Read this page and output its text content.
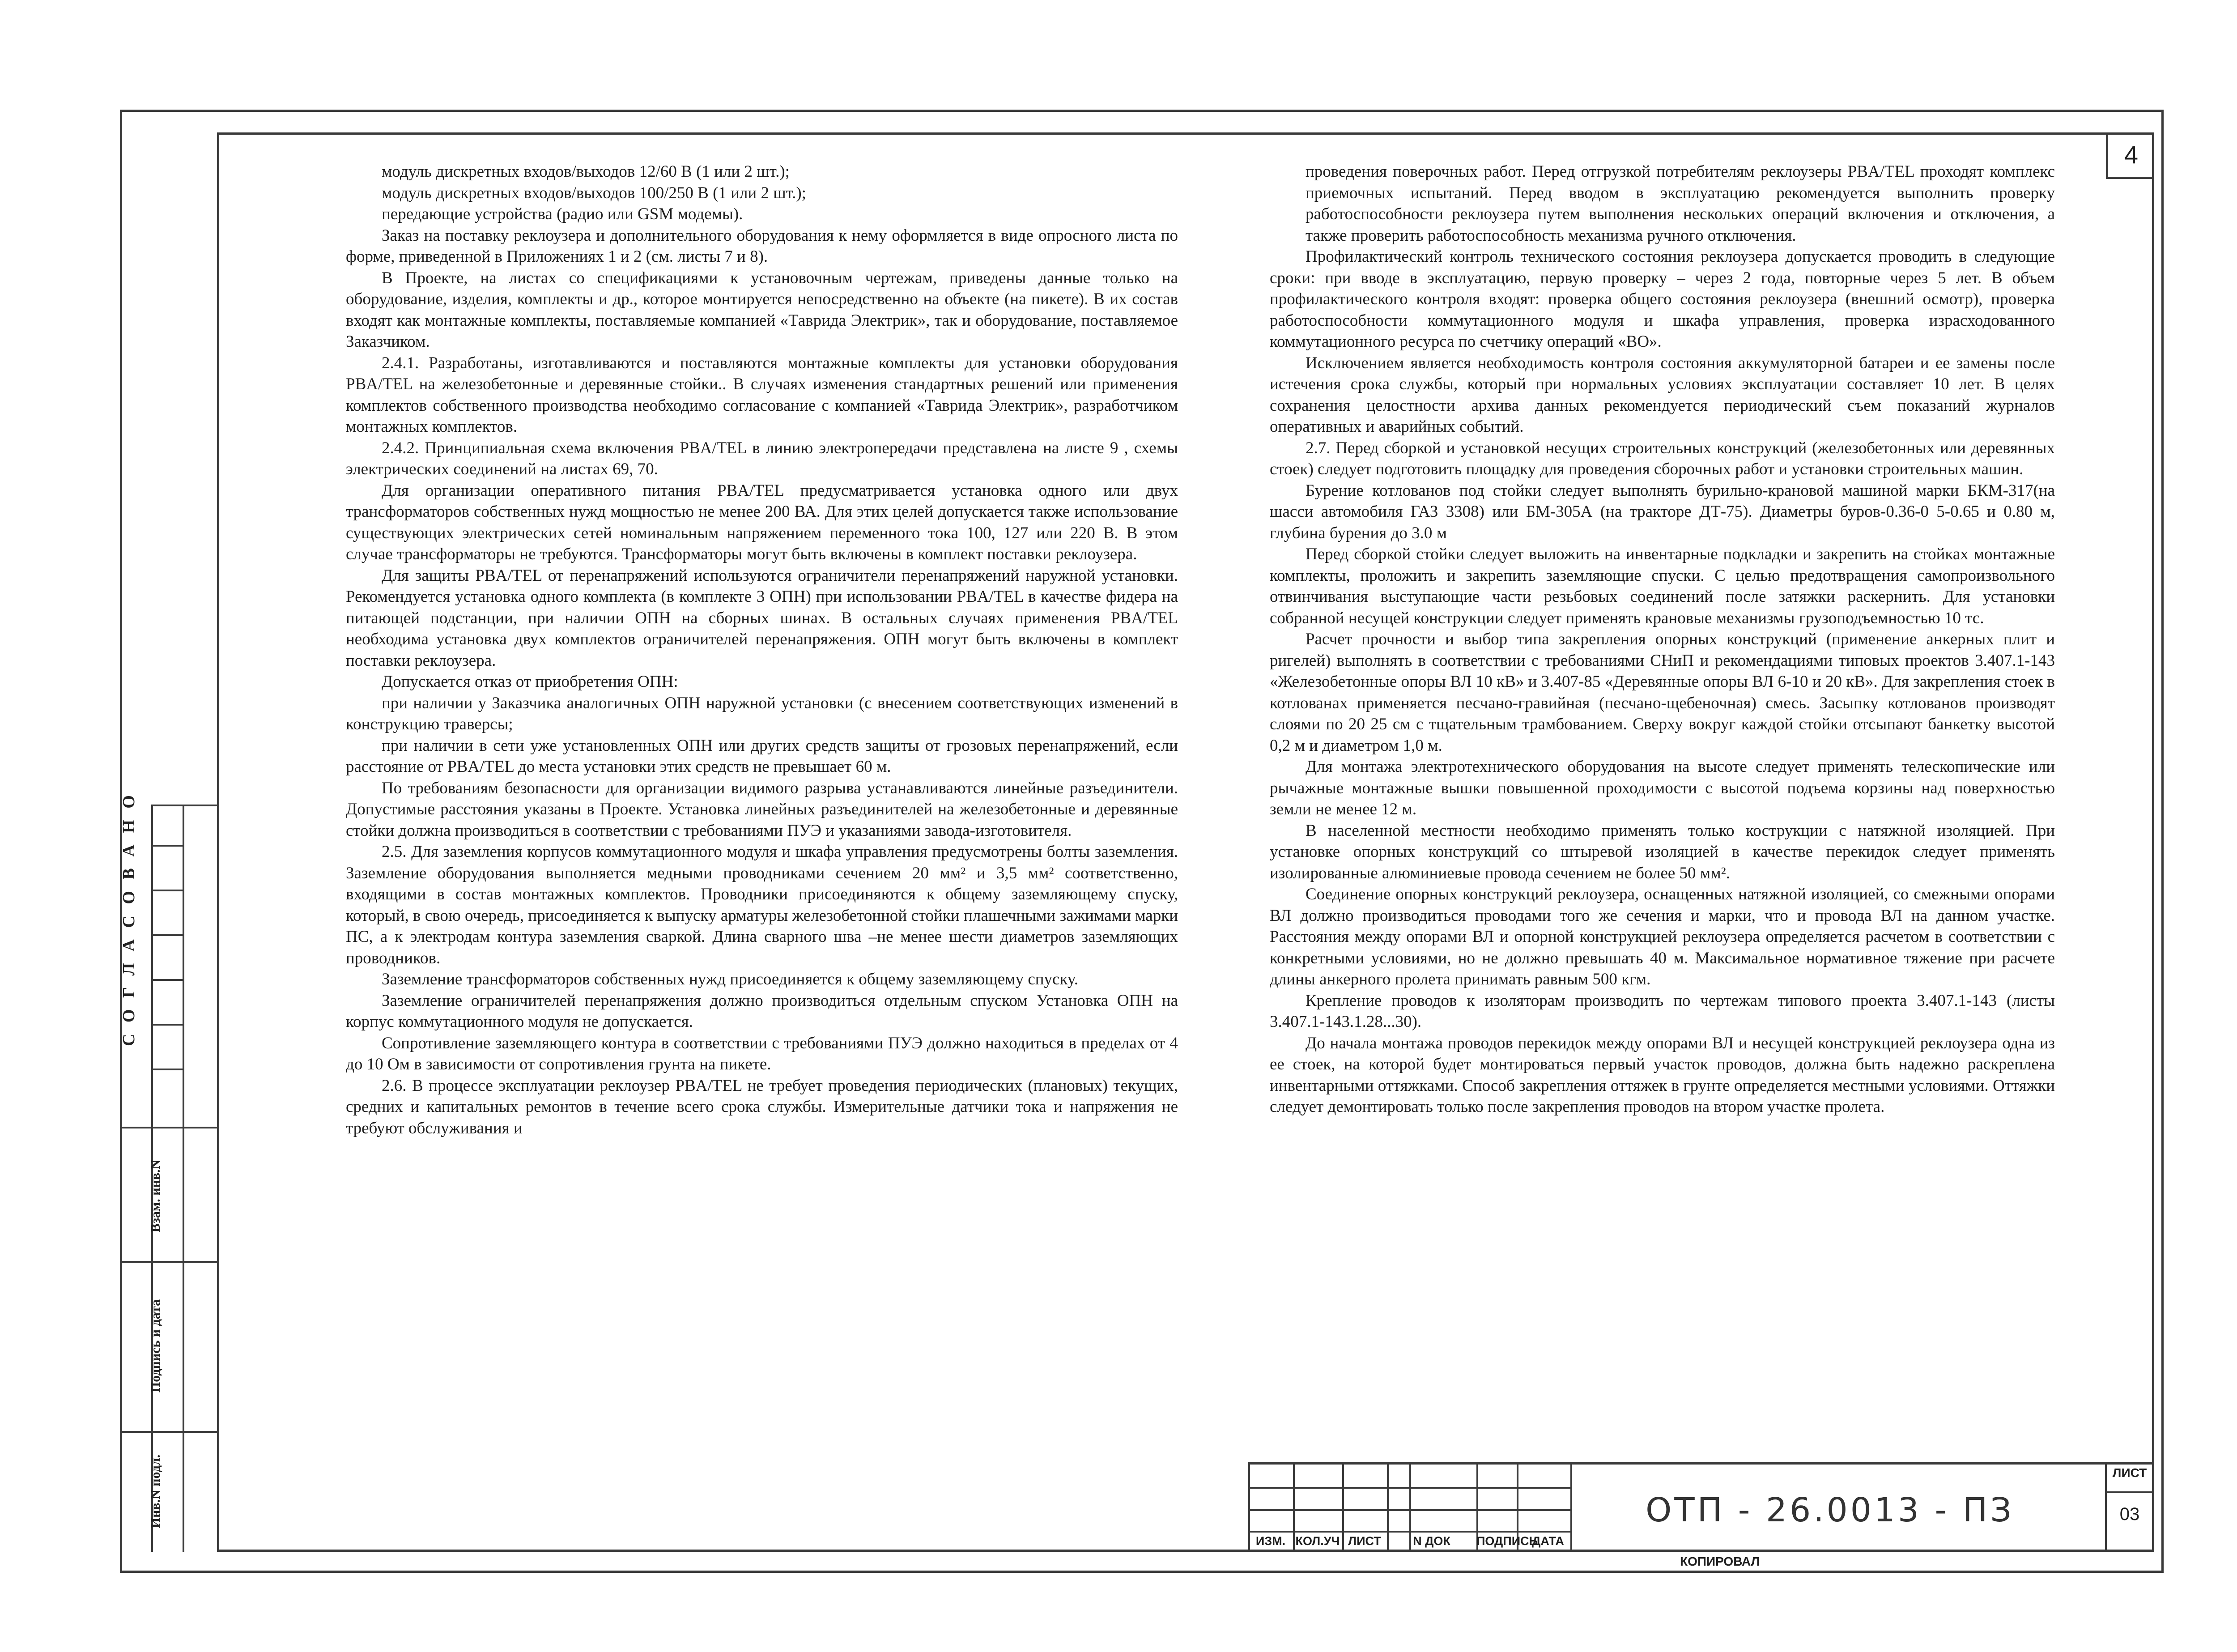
4

модуль дискретных входов/выходов 12/60 В (1 или 2 шт.);

модуль дискретных входов/выходов 100/250 В (1 или 2 шт.);

передающие устройства (радио или GSM модемы).

Заказ на поставку реклоузера и дополнительного оборудования к нему оформляется в виде опросного листа по форме, приведенной в Приложениях 1 и 2 (см. листы 7 и 8).

В Проекте, на листах со спецификациями к установочным чертежам, приведены данные только на оборудование, изделия, комплекты и др., которое монтируется непосредственно на объекте (на пикете). В их состав входят как монтажные комплекты, поставляемые компанией «Таврида Электрик», так и оборудование, поставляемое Заказчиком.

2.4.1. Разработаны, изготавливаются и поставляются монтажные комплекты для установки оборудования PBA/TEL на железобетонные и деревянные стойки.. В случаях изменения стандартных решений или применения комплектов собственного производства необходимо согласование с компанией «Таврида Электрик», разработчиком монтажных комплектов.

2.4.2. Принципиальная схема включения PBA/TEL в линию электропередачи представлена на листе 9 , схемы электрических соединений на листах 69, 70.

Для организации оперативного питания PBA/TEL предусматривается установка одного или двух трансформаторов собственных нужд мощностью не менее 200 ВА. Для этих целей допускается также использование существующих электрических сетей номинальным напряжением переменного тока 100, 127 или 220 В. В этом случае трансформаторы не требуются. Трансформаторы могут быть включены в комплект поставки реклоузера.

Для защиты PBA/TEL от перенапряжений используются ограничители перенапряжений наружной установки. Рекомендуется установка одного комплекта (в комплекте 3 ОПН) при использовании PBA/TEL в качестве фидера на питающей подстанции, при наличии ОПН на сборных шинах. В остальных случаях применения PBA/TEL необходима установка двух комплектов ограничителей перенапряжения. ОПН могут быть включены в комплект поставки реклоузера.

Допускается отказ от приобретения ОПН:

при наличии у Заказчика аналогичных ОПН наружной установки (с внесением соответствующих изменений в конструкцию траверсы;

при наличии в сети уже установленных ОПН или других средств защиты от грозовых перенапряжений, если расстояние от PBA/TEL до места установки этих средств не превышает 60 м.

По требованиям безопасности для организации видимого разрыва устанавливаются линейные разъединители. Допустимые расстояния указаны в Проекте. Установка линейных разъединителей на железобетонные и деревянные стойки должна производиться в соответствии с требованиями ПУЭ и указаниями завода-изготовителя.

2.5. Для заземления корпусов коммутационного модуля и шкафа управления предусмотрены болты заземления. Заземление оборудования выполняется медными проводниками сечением 20 мм² и 3,5 мм² соответственно, входящими в состав монтажных комплектов. Проводники присоединяются к общему заземляющему спуску, который, в свою очередь, присоединяется к выпуску арматуры железобетонной стойки плашечными зажимами марки ПС, а к электродам контура заземления сваркой. Длина сварного шва –не менее шести диаметров заземляющих проводников.

Заземление трансформаторов собственных нужд присоединяется к общему заземляющему спуску.

Заземление ограничителей перенапряжения должно производиться отдельным спуском Установка ОПН на корпус коммутационного модуля не допускается.

Сопротивление заземляющего контура в соответствии с требованиями ПУЭ должно находиться в пределах от 4 до 10 Ом в зависимости от сопротивления грунта на пикете.

2.6. В процессе эксплуатации реклоузер PBA/TEL не требует проведения периодических (плановых) текущих, средних и капитальных ремонтов в течение всего срока службы. Измерительные датчики тока и напряжения не требуют обслуживания и

проведения поверочных работ. Перед отгрузкой потребителям реклоузеры PBA/TEL проходят комплекс приемочных испытаний. Перед вводом в эксплуатацию рекомендуется выполнить проверку работоспособности реклоузера путем выполнения нескольких операций включения и отключения, а также проверить работоспособность механизма ручного отключения.

Профилактический контроль технического состояния реклоузера допускается проводить в следующие сроки: при вводе в эксплуатацию, первую проверку – через 2 года, повторные через 5 лет. В объем профилактического контроля входят: проверка общего состояния реклоузера (внешний осмотр), проверка работоспособности коммутационного модуля и шкафа управления, проверка израсходованного коммутационного ресурса по счетчику операций «ВО».

Исключением является необходимость контроля состояния аккумуляторной батареи и ее замены после истечения срока службы, который при нормальных условиях эксплуатации составляет 10 лет. В целях сохранения целостности архива данных рекомендуется периодический съем показаний журналов оперативных и аварийных событий.

2.7. Перед сборкой и установкой несущих строительных конструкций (железобетонных или деревянных стоек) следует подготовить площадку для проведения сборочных работ и установки строительных машин.

Бурение котлованов под стойки следует выполнять бурильно-крановой машиной марки БКМ-317(на шасси автомобиля ГАЗ 3308) или БМ-305А (на тракторе ДТ-75). Диаметры буров-0.36-0 5-0.65 и 0.80 м, глубина бурения до 3.0 м

Перед сборкой стойки следует выложить на инвентарные подкладки и закрепить на стойках монтажные комплекты, проложить и закрепить заземляющие спуски. С целью предотвращения самопроизвольного отвинчивания выступающие части резьбовых соединений после затяжки раскернить. Для установки собранной несущей конструкции следует применять крановые механизмы грузоподъемностью 10 тс.

Расчет прочности и выбор типа закрепления опорных конструкций (применение анкерных плит и ригелей) выполнять в соответствии с требованиями СНиП и рекомендациями типовых проектов 3.407.1-143 «Железобетонные опоры ВЛ 10 кВ» и 3.407-85 «Деревянные опоры ВЛ 6-10 и 20 кВ». Для закрепления стоек в котлованах применяется песчано-гравийная (песчано-щебеночная) смесь. Засыпку котлованов производят слоями по 20 25 см с тщательным трамбованием. Сверху вокруг каждой стойки отсыпают банкетку высотой 0,2 м и диаметром 1,0 м.

Для монтажа электротехнического оборудования на высоте следует применять телескопические или рычажные монтажные вышки повышенной проходимости с высотой подъема корзины над поверхностью земли не менее 12 м.

В населенной местности необходимо применять только кострукции с натяжной изоляцией. При установке опорных конструкций со штыревой изоляцией в качестве перекидок следует применять изолированные алюминиевые провода сечением не более 50 мм².

Соединение опорных конструкций реклоузера, оснащенных натяжной изоляцией, со смежными опорами ВЛ должно производиться проводами того же сечения и марки, что и провода ВЛ на данном участке. Расстояния между опорами ВЛ и опорной конструкцией реклоузера определяется расчетом в соответствии с конкретными условиями, но не должно превышать 40 м. Максимальное нормативное тяжение при расчете длины анкерного пролета принимать равным 500 кгм.

Крепление проводов к изоляторам производить по чертежам типового проекта 3.407.1-143 (листы 3.407.1-143.1.28...30).

До начала монтажа проводов перекидок между опорами ВЛ и несущей конструкцией реклоузера одна из ее стоек, на которой будет монтироваться первый участок проводов, должна быть надежно раскреплена инвентарными оттяжками. Способ закрепления оттяжек в грунте определяется местными условиями. Оттяжки следует демонтировать только после закрепления проводов на втором участке пролета.

С О Г Л А С О В А Н О
Взам. инв.N
Подпись и дата
Инв.N подл.
ИЗМ. КОЛ.УЧ ЛИСТ	N ДОК	ПОДПИСЬ
ДАТА
ОТП - 26.0013 - ПЗ
ЛИСТ
03
КОПИРОВАЛ
